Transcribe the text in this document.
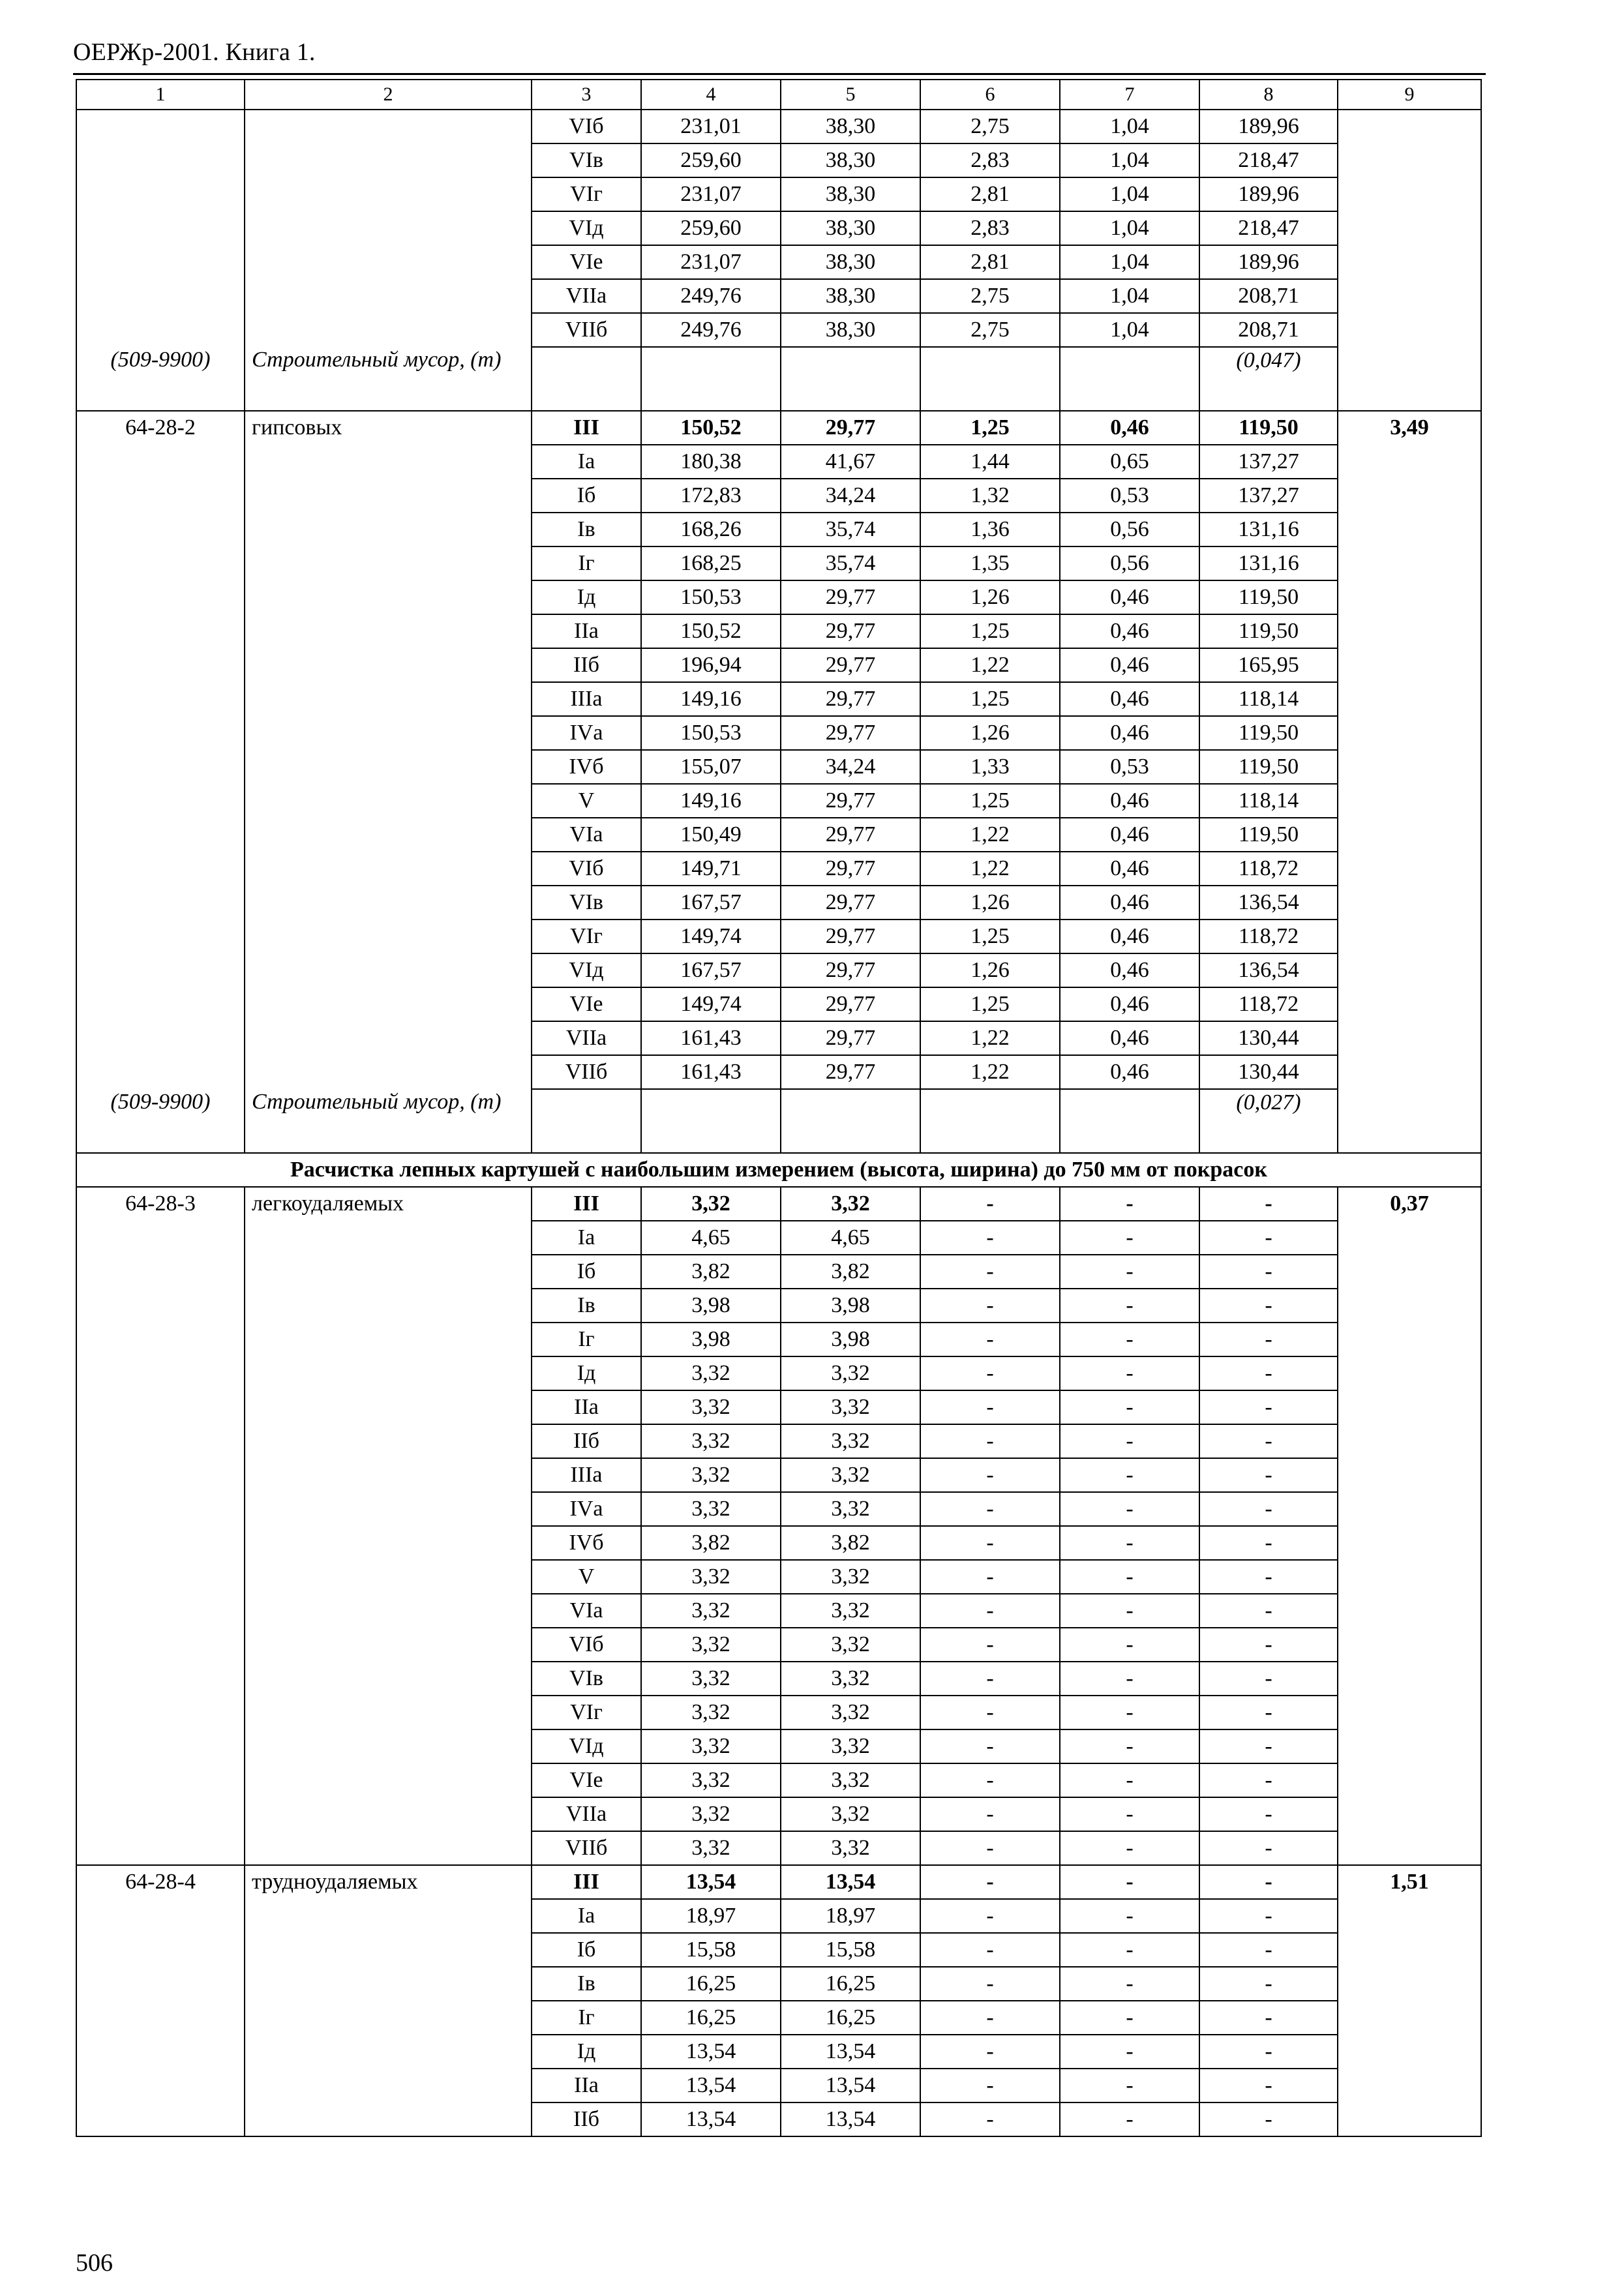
ОЕРЖр-2001. Книга 1.
1	2	3	4	5	6	7	8	9
		VIб	231,01	38,30	2,75	1,04	189,96	
		VIв	259,60	38,30	2,83	1,04	218,47	
		VIг	231,07	38,30	2,81	1,04	189,96	
		VIд	259,60	38,30	2,83	1,04	218,47	
		VIе	231,07	38,30	2,81	1,04	189,96	
		VIIа	249,76	38,30	2,75	1,04	208,71	
		VIIб	249,76	38,30	2,75	1,04	208,71	
(509-9900)	Строительный мусор, (т)						(0,047)	
64-28-2	гипсовых	III	150,52	29,77	1,25	0,46	119,50	3,49
		Iа	180,38	41,67	1,44	0,65	137,27	
		Iб	172,83	34,24	1,32	0,53	137,27	
		Iв	168,26	35,74	1,36	0,56	131,16	
		Iг	168,25	35,74	1,35	0,56	131,16	
		Iд	150,53	29,77	1,26	0,46	119,50	
		IIа	150,52	29,77	1,25	0,46	119,50	
		IIб	196,94	29,77	1,22	0,46	165,95	
		IIIа	149,16	29,77	1,25	0,46	118,14	
		IVа	150,53	29,77	1,26	0,46	119,50	
		IVб	155,07	34,24	1,33	0,53	119,50	
		V	149,16	29,77	1,25	0,46	118,14	
		VIа	150,49	29,77	1,22	0,46	119,50	
		VIб	149,71	29,77	1,22	0,46	118,72	
		VIв	167,57	29,77	1,26	0,46	136,54	
		VIг	149,74	29,77	1,25	0,46	118,72	
		VIд	167,57	29,77	1,26	0,46	136,54	
		VIе	149,74	29,77	1,25	0,46	118,72	
		VIIа	161,43	29,77	1,22	0,46	130,44	
		VIIб	161,43	29,77	1,22	0,46	130,44	
(509-9900)	Строительный мусор, (т)						(0,027)	
Расчистка лепных картушей с наибольшим измерением (высота, ширина) до 750 мм от покрасок								
64-28-3	легкоудаляемых	III	3,32	3,32	-	-	-	0,37
		Iа	4,65	4,65	-	-	-	
		Iб	3,82	3,82	-	-	-	
		Iв	3,98	3,98	-	-	-	
		Iг	3,98	3,98	-	-	-	
		Iд	3,32	3,32	-	-	-	
		IIа	3,32	3,32	-	-	-	
		IIб	3,32	3,32	-	-	-	
		IIIа	3,32	3,32	-	-	-	
		IVа	3,32	3,32	-	-	-	
		IVб	3,82	3,82	-	-	-	
		V	3,32	3,32	-	-	-	
		VIа	3,32	3,32	-	-	-	
		VIб	3,32	3,32	-	-	-	
		VIв	3,32	3,32	-	-	-	
		VIг	3,32	3,32	-	-	-	
		VIд	3,32	3,32	-	-	-	
		VIе	3,32	3,32	-	-	-	
		VIIа	3,32	3,32	-	-	-	
		VIIб	3,32	3,32	-	-	-	
64-28-4	трудноудаляемых	III	13,54	13,54	-	-	-	1,51
		Iа	18,97	18,97	-	-	-	
		Iб	15,58	15,58	-	-	-	
		Iв	16,25	16,25	-	-	-	
		Iг	16,25	16,25	-	-	-	
		Iд	13,54	13,54	-	-	-	
		IIа	13,54	13,54	-	-	-	
		IIб	13,54	13,54	-	-	-	
506
